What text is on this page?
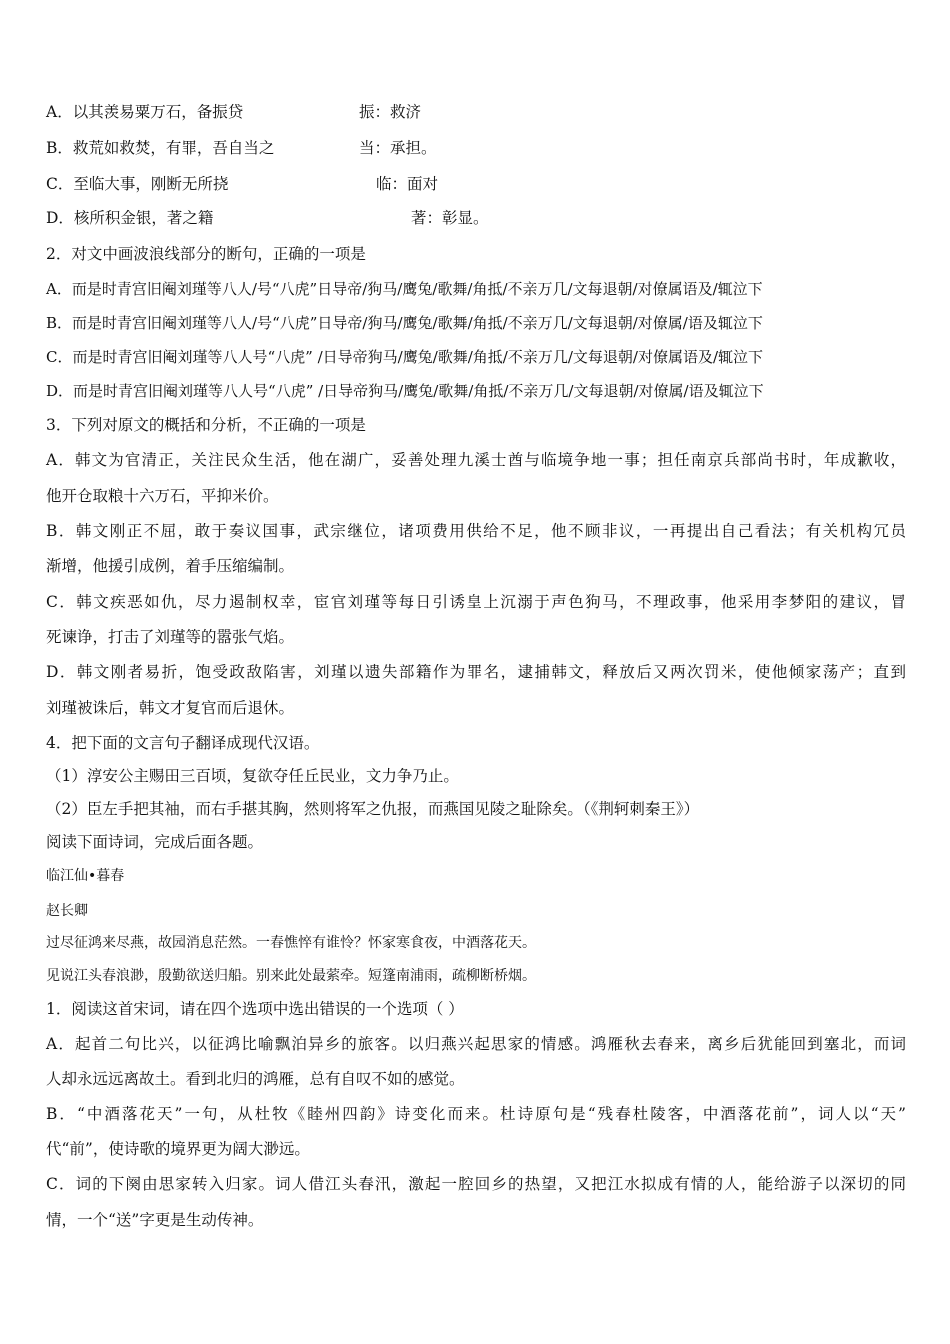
A．以其羡易粟万石，备振贷	振：救济
B．救荒如救焚，有罪，吾自当之	当：承担。
C．至临大事，刚断无所挠	临：面对
D．核所积金银，著之籍	著：彰显。
2．对文中画波浪线部分的断句，正确的一项是
A．而是时青宫旧阉刘瑾等八人/号“八虎”日导帝/狗马/鹰兔/歌舞/角抵/不亲万几/文每退朝/对僚属语及/辄泣下
B．而是时青宫旧阉刘瑾等八人/号“八虎”日导帝/狗马/鹰兔/歌舞/角抵/不亲万几/文每退朝/对僚属/语及辄泣下
C．而是时青宫旧阉刘瑾等八人号“八虎” /日导帝狗马/鹰兔/歌舞/角抵/不亲万几/文每退朝/对僚属语及/辄泣下
D．而是时青宫旧阉刘瑾等八人号“八虎” /日导帝狗马/鹰兔/歌舞/角抵/不亲万几/文每退朝/对僚属/语及辄泣下
3．下列对原文的概括和分析，不正确的一项是
A．韩文为官清正，关注民众生活，他在湖广，妥善处理九溪士酋与临境争地一事；担任南京兵部尚书时，年成歉收，
他开仓取粮十六万石，平抑米价。
B．韩文刚正不屈，敢于奏议国事，武宗继位，诸项费用供给不足，他不顾非议，一再提出自己看法；有关机构冗员
渐增，他援引成例，着手压缩编制。
C．韩文疾恶如仇，尽力遏制权幸，宦官刘瑾等每日引诱皇上沉溺于声色狗马，不理政事，他采用李梦阳的建议，冒
死谏诤，打击了刘瑾等的嚣张气焰。
D．韩文刚者易折，饱受政敌陷害，刘瑾以遗失部籍作为罪名，逮捕韩文，释放后又两次罚米，使他倾家荡产；直到
刘瑾被诛后，韩文才复官而后退休。
4．把下面的文言句子翻译成现代汉语。
（1）淳安公主赐田三百顷，复欲夺任丘民业，文力争乃止。
（2）臣左手把其袖，而右手揕其胸，然则将军之仇报，而燕国见陵之耻除矣。（《荆轲刺秦王》）
阅读下面诗词，完成后面各题。
临江仙•暮春
赵长卿
过尽征鸿来尽燕，故园消息茫然。一春憔悴有谁怜？怀家寒食夜，中酒落花天。
见说江头春浪渺，殷勤欲送归船。别来此处最萦牵。短篷南浦雨，疏柳断桥烟。
1．阅读这首宋词，请在四个选项中选出错误的一个选项（ ）
A．起首二句比兴，以征鸿比喻飘泊异乡的旅客。以归燕兴起思家的情感。鸿雁秋去春来，离乡后犹能回到塞北，而词
人却永远远离故土。看到北归的鸿雁，总有自叹不如的感觉。
B．“中酒落花天”一句，从杜牧《睦州四韵》诗变化而来。杜诗原句是“残春杜陵客，中酒落花前”，词人以“天”
代“前”，使诗歌的境界更为阔大渺远。
C．词的下阕由思家转入归家。词人借江头春汛，激起一腔回乡的热望，又把江水拟成有情的人，能给游子以深切的同
情，一个“送”字更是生动传神。
